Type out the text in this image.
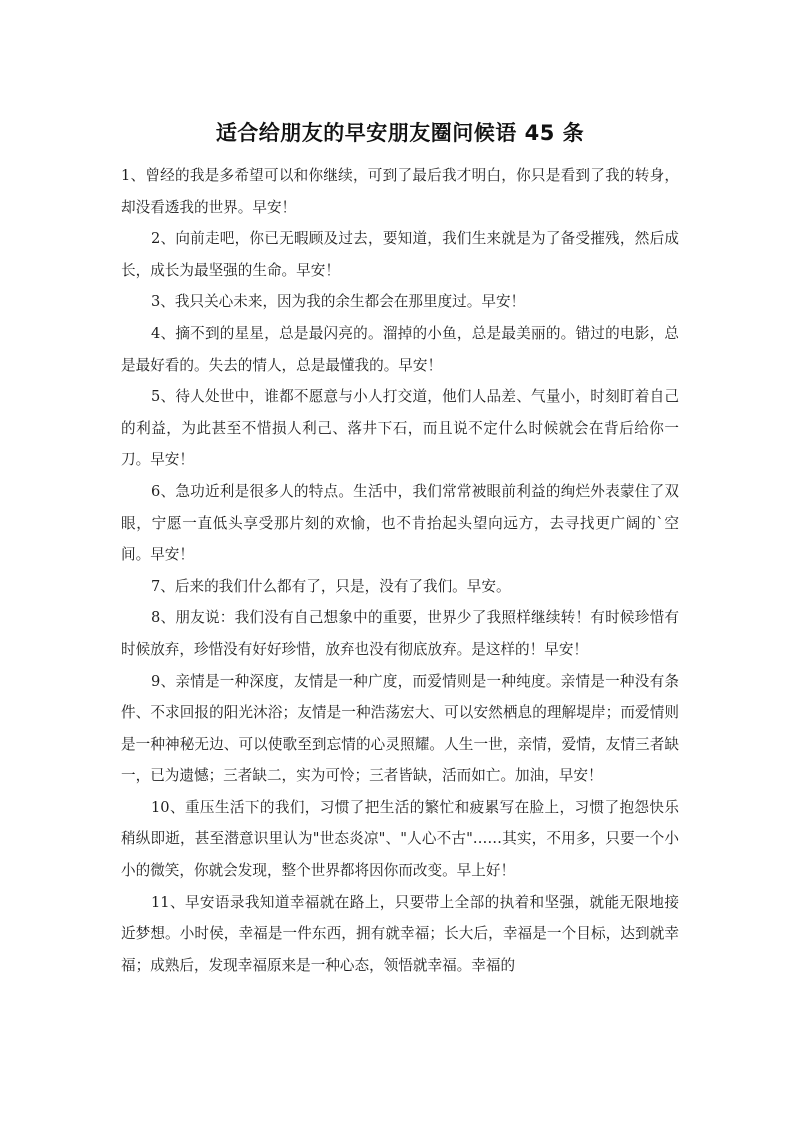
适合给朋友的早安朋友圈问候语 45 条

1、曾经的我是多希望可以和你继续，可到了最后我才明白，你只是看到了我的转身，却没看透我的世界。早安！

2、向前走吧，你已无暇顾及过去，要知道，我们生来就是为了备受摧残，然后成长，成长为最坚强的生命。早安！

3、我只关心未来，因为我的余生都会在那里度过。早安！

4、摘不到的星星，总是最闪亮的。溜掉的小鱼，总是最美丽的。错过的电影，总是最好看的。失去的情人，总是最懂我的。早安！

5、待人处世中，谁都不愿意与小人打交道，他们人品差、气量小，时刻盯着自己的利益，为此甚至不惜损人利己、落井下石，而且说不定什么时候就会在背后给你一刀。早安！

6、急功近利是很多人的特点。生活中，我们常常被眼前利益的绚烂外表蒙住了双眼，宁愿一直低头享受那片刻的欢愉，也不肯抬起头望向远方，去寻找更广阔的`空间。早安！

7、后来的我们什么都有了，只是，没有了我们。早安。

8、朋友说：我们没有自己想象中的重要，世界少了我照样继续转！有时候珍惜有时候放弃，珍惜没有好好珍惜，放弃也没有彻底放弃。是这样的！早安！

9、亲情是一种深度，友情是一种广度，而爱情则是一种纯度。亲情是一种没有条件、不求回报的阳光沐浴；友情是一种浩荡宏大、可以安然栖息的理解堤岸；而爱情则是一种神秘无边、可以使歌至到忘情的心灵照耀。人生一世，亲情，爱情，友情三者缺一，已为遗憾；三者缺二，实为可怜；三者皆缺，活而如亡。加油，早安！

10、重压生活下的我们，习惯了把生活的繁忙和疲累写在脸上，习惯了抱怨快乐稍纵即逝，甚至潜意识里认为"世态炎凉"、"人心不古"……其实，不用多，只要一个小小的微笑，你就会发现，整个世界都将因你而改变。早上好！

11、早安语录我知道幸福就在路上，只要带上全部的执着和坚强，就能无限地接近梦想。小时侯，幸福是一件东西，拥有就幸福；长大后，幸福是一个目标，达到就幸福；成熟后，发现幸福原来是一种心态，领悟就幸福。幸福的
